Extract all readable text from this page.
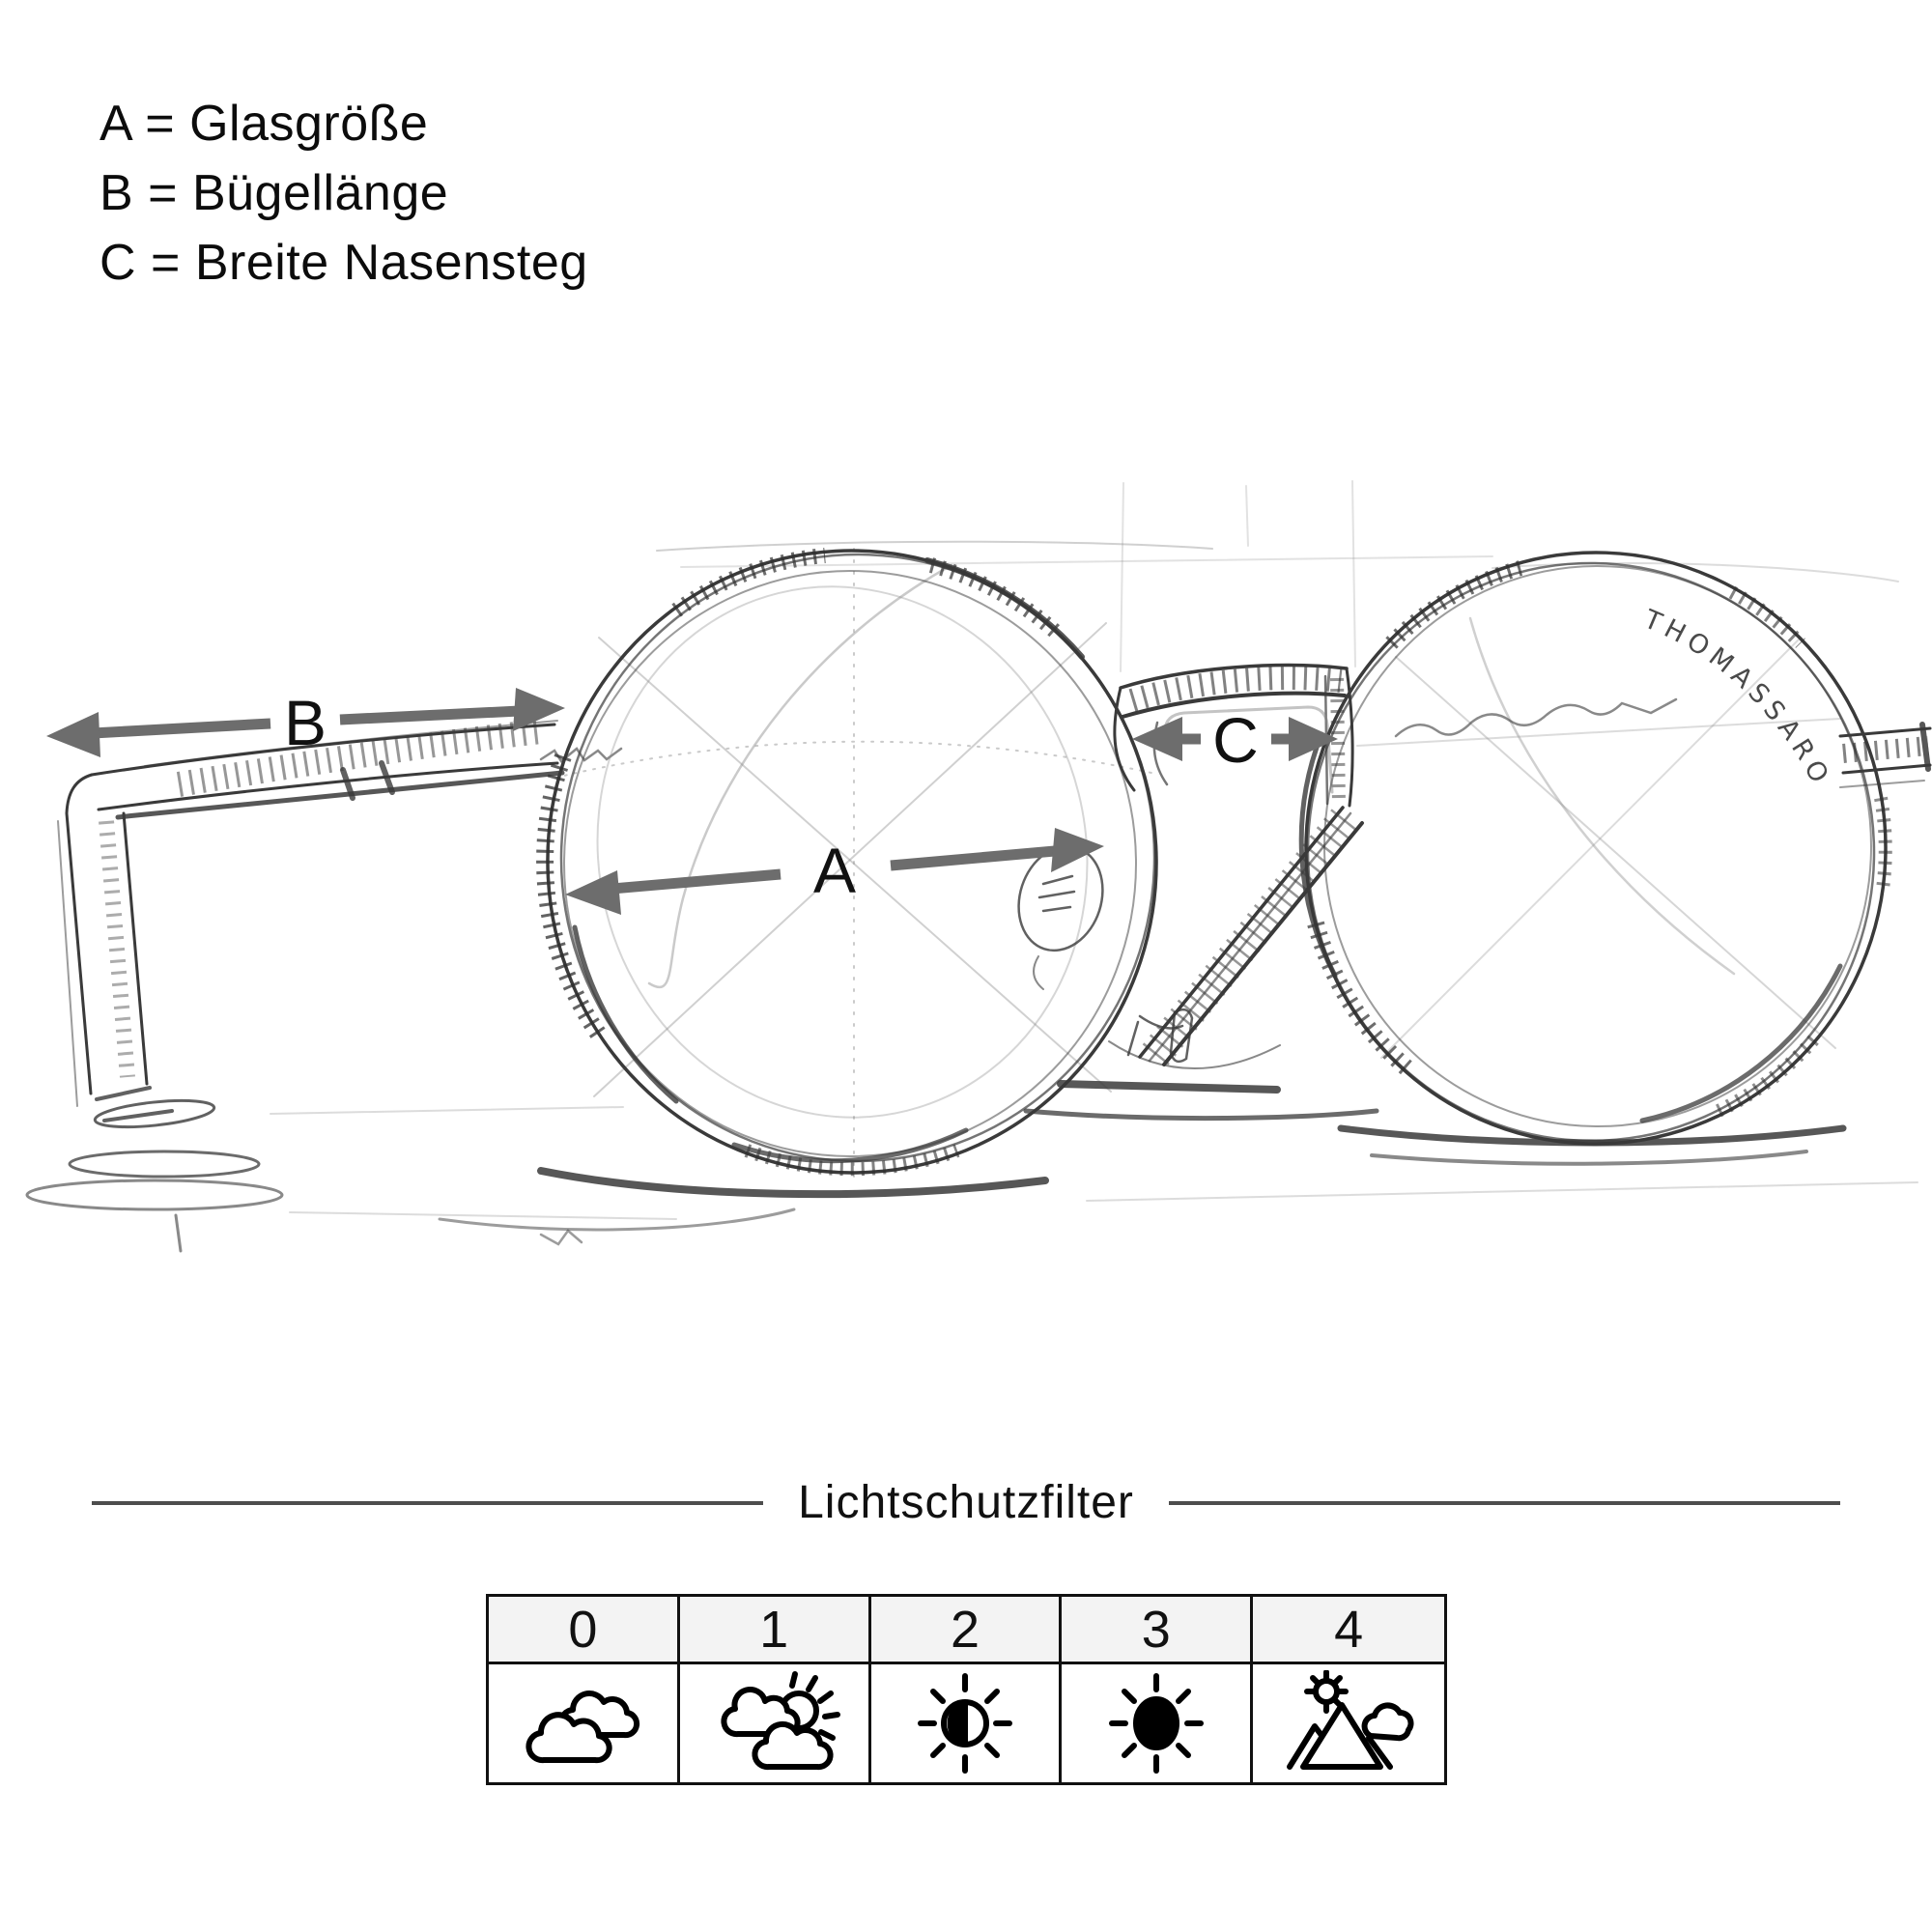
A = Glasgröße
B = Bügellänge
C = Breite Nasensteg
THOMASSARO
B
A
C
Lichtschutzfilter
0	1	2	3	4
